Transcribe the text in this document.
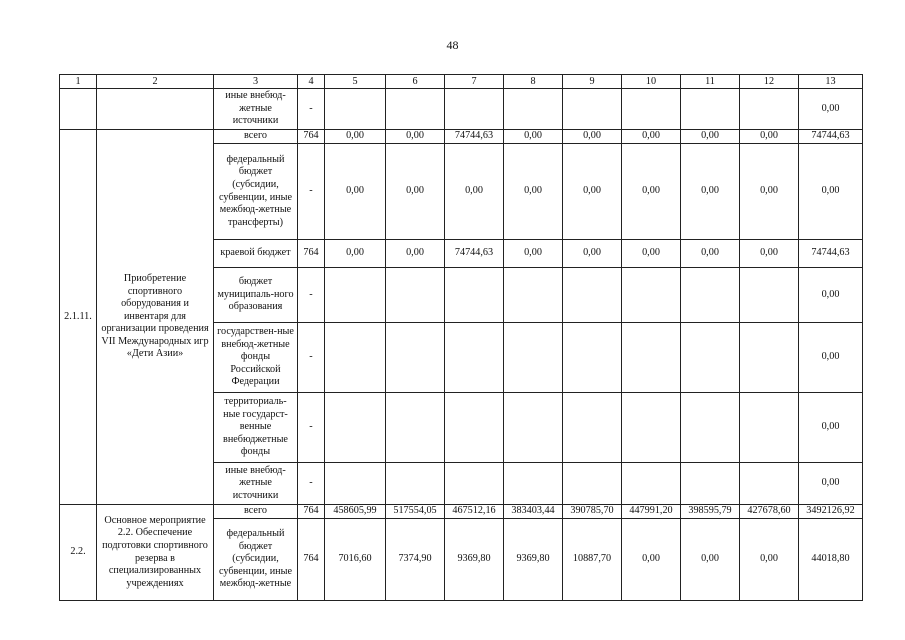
48
1	2	3	4	5	6	7	8	9	10	11	12	13
		иные внебюд-жетные источники	-									0,00
2.1.11.	Приобретение спортивного оборудования и инвентаря для организации проведения VII Международных игр «Дети Азии»	всего	764	0,00	0,00	74744,63	0,00	0,00	0,00	0,00	0,00	74744,63
		федеральный бюджет (субсидии, субвенции, иные межбюд-жетные трансферты)	-	0,00	0,00	0,00	0,00	0,00	0,00	0,00	0,00	0,00
		краевой бюджет	764	0,00	0,00	74744,63	0,00	0,00	0,00	0,00	0,00	74744,63
		бюджет муниципаль-ного образования	-									0,00
		государствен-ные внебюд-жетные фонды Российской Федерации	-									0,00
		территориаль-ные государст-венные внебюджетные фонды	-									0,00
		иные внебюд-жетные источники	-									0,00
2.2.	Основное мероприятие 2.2. Обеспечение подготовки спортивного резерва в специализированных учреждениях	всего	764	458605,99	517554,05	467512,16	383403,44	390785,70	447991,20	398595,79	427678,60	3492126,92
		федеральный бюджет (субсидии, субвенции, иные межбюд-жетные	764	7016,60	7374,90	9369,80	9369,80	10887,70	0,00	0,00	0,00	44018,80
